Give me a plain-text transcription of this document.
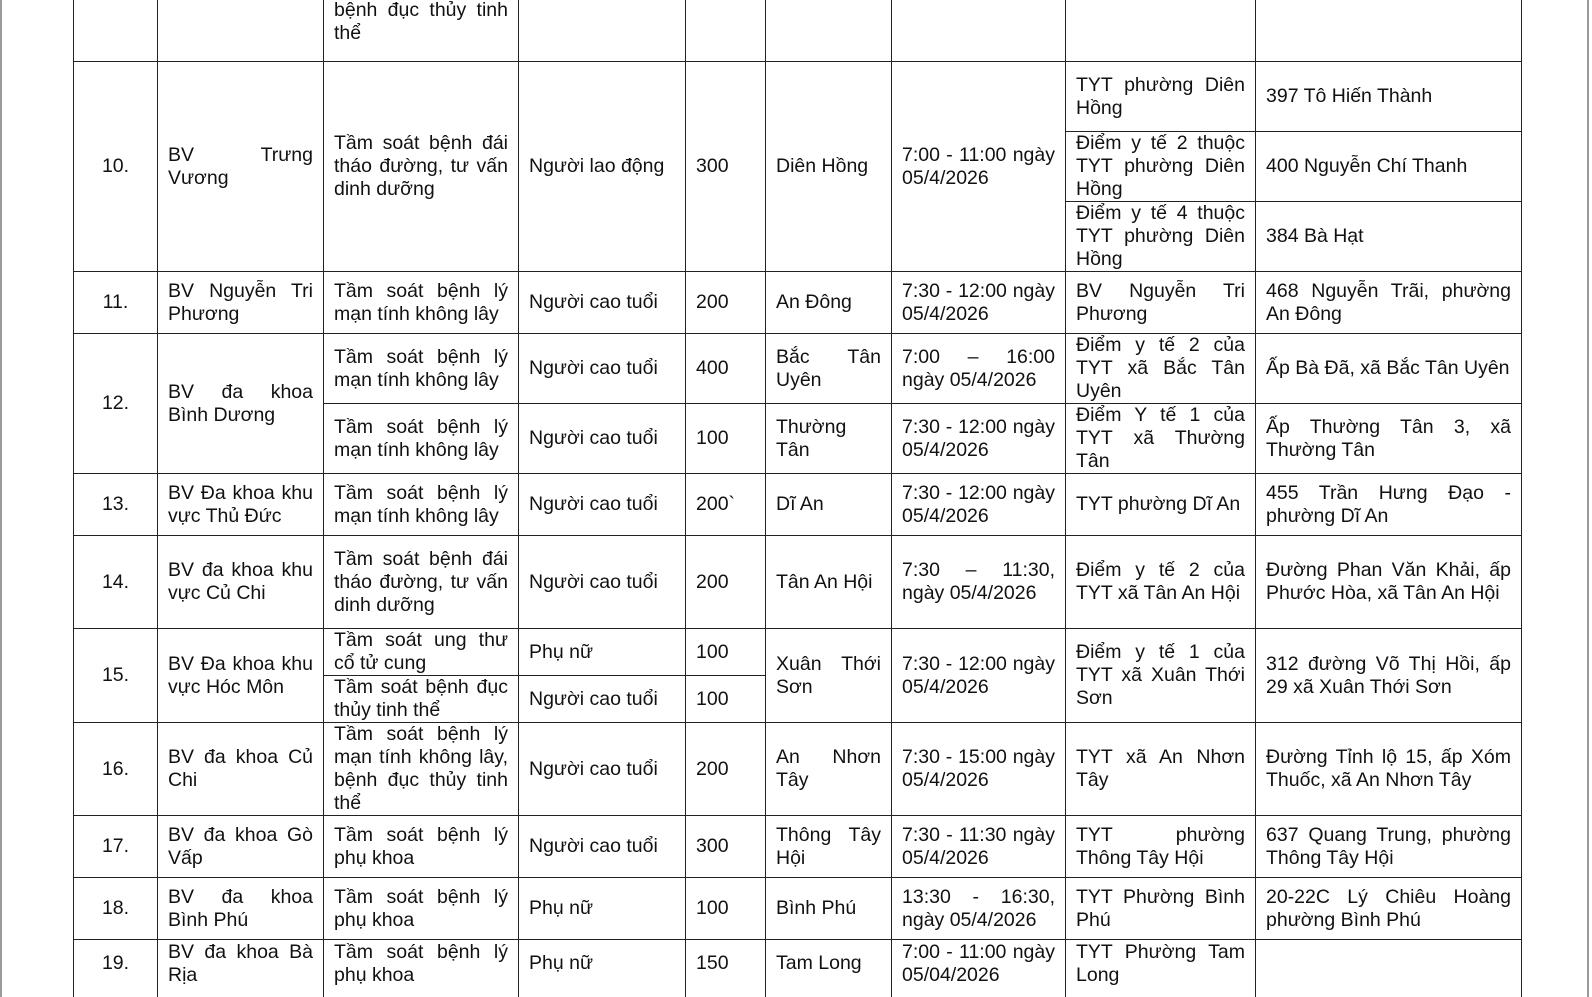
		bệnh đục thủy tinh thể						
10.	BV Trưng Vương	Tầm soát bệnh đái tháo đường, tư vấn dinh dưỡng	Người lao động	300	Diên Hồng	7:00 - 11:00 ngày 05/4/2026	TYT phường Diên Hồng	397 Tô Hiến Thành
							Điểm y tế 2 thuộc TYT phường Diên Hồng	400 Nguyễn Chí Thanh
							Điểm y tế 4 thuộc TYT phường Diên Hồng	384 Bà Hạt
11.	BV Nguyễn Tri Phương	Tầm soát bệnh lý mạn tính không lây	Người cao tuổi	200	An Đông	7:30 - 12:00 ngày 05/4/2026	BV Nguyễn Tri Phương	468 Nguyễn Trãi, phường An Đông
12.	BV đa khoa Bình Dương	Tầm soát bệnh lý mạn tính không lây	Người cao tuổi	400	Bắc Tân Uyên	7:00 – 16:00 ngày 05/4/2026	Điểm y tế 2 của TYT xã Bắc Tân Uyên	Ấp Bà Đã, xã Bắc Tân Uyên
		Tầm soát bệnh lý mạn tính không lây	Người cao tuổi	100	Thường Tân	7:30 - 12:00 ngày 05/4/2026	Điểm Y tế 1 của TYT xã Thường Tân	Ấp Thường Tân 3, xã Thường Tân
13.	BV Đa khoa khu vực Thủ Đức	Tầm soát bệnh lý mạn tính không lây	Người cao tuổi	200`	Dĩ An	7:30 - 12:00 ngày 05/4/2026	TYT phường Dĩ An	455 Trần Hưng Đạo - phường Dĩ An
14.	BV đa khoa khu vực Củ Chi	Tầm soát bệnh đái tháo đường, tư vấn dinh dưỡng	Người cao tuổi	200	Tân An Hội	7:30 – 11:30, ngày 05/4/2026	Điểm y tế 2 của TYT xã Tân An Hội	Đường Phan Văn Khải, ấp Phước Hòa, xã Tân An Hội
15.	BV Đa khoa khu vực Hóc Môn	Tầm soát ung thư cổ tử cung	Phụ nữ	100	Xuân Thới Sơn	7:30 - 12:00 ngày 05/4/2026	Điểm y tế 1 của TYT xã Xuân Thới Sơn	312 đường Võ Thị Hồi, ấp 29 xã Xuân Thới Sơn
		Tầm soát bệnh đục thủy tinh thể	Người cao tuổi	100				
16.	BV đa khoa Củ Chi	Tầm soát bệnh lý mạn tính không lây, bệnh đục thủy tinh thể	Người cao tuổi	200	An Nhơn Tây	7:30 - 15:00 ngày 05/4/2026	TYT xã An Nhơn Tây	Đường Tỉnh lộ 15, ấp Xóm Thuốc, xã An Nhơn Tây
17.	BV đa khoa Gò Vấp	Tầm soát bệnh lý phụ khoa	Người cao tuổi	300	Thông Tây Hội	7:30 - 11:30 ngày 05/4/2026	TYT phường Thông Tây Hội	637 Quang Trung, phường Thông Tây Hội
18.	BV đa khoa Bình Phú	Tầm soát bệnh lý phụ khoa	Phụ nữ	100	Bình Phú	13:30 - 16:30, ngày 05/4/2026	TYT Phường Bình Phú	20-22C Lý Chiêu Hoàng phường Bình Phú
19.	BV đa khoa Bà Rịa	Tầm soát bệnh lý phụ khoa	Phụ nữ	150	Tam Long	7:00 - 11:00 ngày 05/04/2026	TYT Phường Tam Long	
